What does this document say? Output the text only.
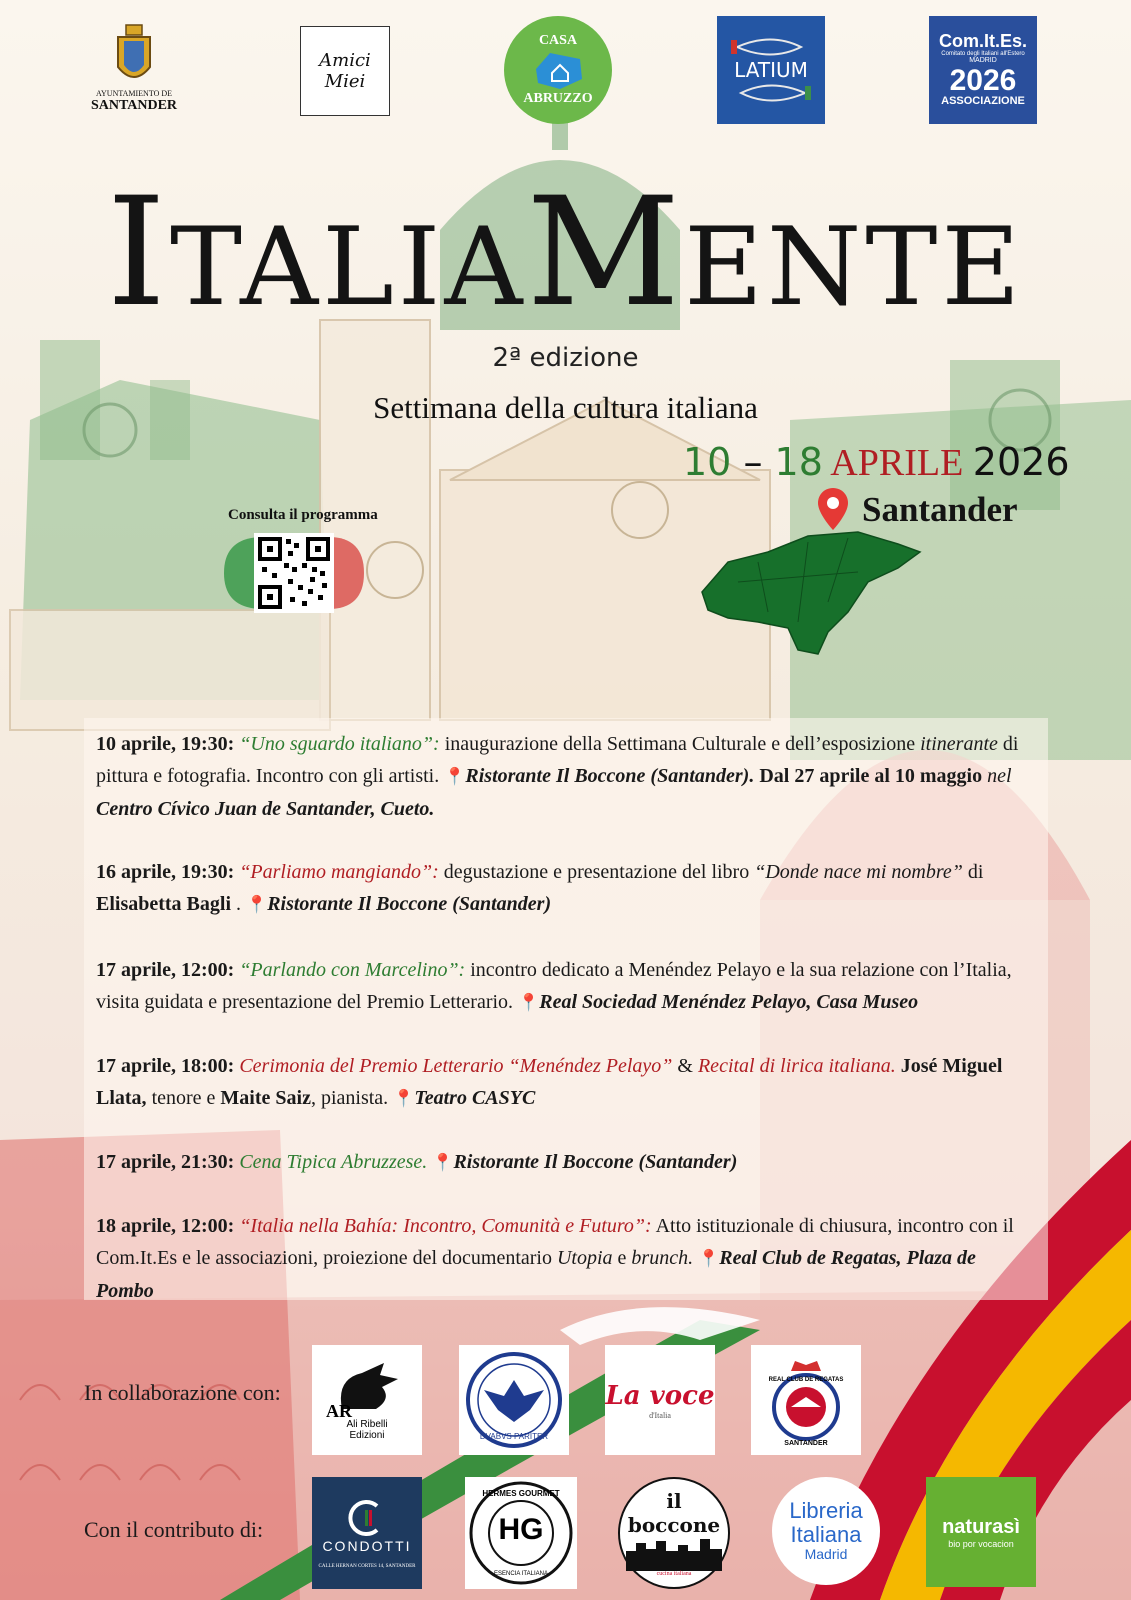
AYUNTAMIENTO DE
SANTANDER
Amici Miei
CASA
ABRUZZO
LATIUM
Com.It.Es.
Comitato degli Italiani all'Estero
MADRID
2026
ASSOCIAZIONE
ITALIAMENTE
2ª edizione
Settimana della cultura italiana
10 – 18 APRILE 2026
Santander
Consulta il programma
10 aprile, 19:30: “Uno sguardo italiano”: inaugurazione della Settimana Culturale e dell’esposizione itinerante di pittura e fotografia. Incontro con gli artisti. 📍Ristorante Il Boccone (Santander). Dal 27 aprile al 10 maggio nel Centro Cívico Juan de Santander, Cueto.
16 aprile, 19:30: “Parliamo mangiando”: degustazione e presentazione del libro “Donde nace mi nombre” di Elisabetta Bagli . 📍Ristorante Il Boccone (Santander)
17 aprile, 12:00: “Parlando con Marcelino”: incontro dedicato a Menéndez Pelayo e la sua relazione con l’Italia, visita guidata e presentazione del Premio Letterario. 📍Real Sociedad Menéndez Pelayo, Casa Museo
17 aprile, 18:00: Cerimonia del Premio Letterario “Menéndez Pelayo” & Recital di lirica italiana. José Miguel Llata, tenore e Maite Saiz, pianista. 📍Teatro CASYC
17 aprile, 21:30: Cena Tipica Abruzzese. 📍Ristorante Il Boccone (Santander)
18 aprile, 12:00: “Italia nella Bahía: Incontro, Comunità e Futuro”: Atto istituzionale di chiusura, incontro con il Com.It.Es e le associazioni, proiezione del documentario Utopia e brunch. 📍Real Club de Regatas, Plaza de Pombo
In collaborazione con:
AR
Ali Ribelli
Edizioni	DVABVS PARITER
La voce
d'Italia
REAL CLUB DE REGATAS
SANTANDER
Con il contributo di:
CONDOTTI
CALLE HERNAN CORTES 14, SANTANDER
HERMES GOURMET
HG
ESENCIA ITALIANA
il boccone
cucina italiana
Libreria
Italiana
Madrid
naturasì
bio por vocacion
